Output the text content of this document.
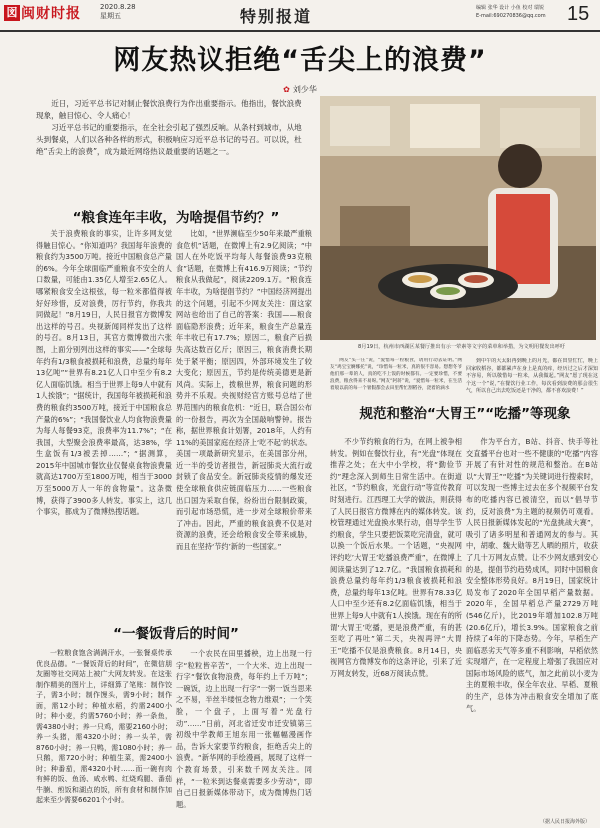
図 闽财时报	2020.8.28
星期五	特别报道	编辑 张华 设计 小鱼 校对 瑞锐
E-mail:690270836@qq.com	15
网友热议拒绝“舌尖上的浪费”
✿ 刘少华
近日，习近平总书记对制止餐饮浪费行为作出重要指示。他指出，餐饮浪费现象，触目惊心、令人痛心！
习近平总书记的重要指示，在全社会引起了强烈反响。从条村到城市，从地头到餐桌，人们以各种各样的形式，积极响应习近平总书记的号召。可以说，杜绝“舌尖上的浪费”，成为最近网络热议最重要的话题之一。
8月19日，杭州市西湖区某餐厅推出有示一荤素等文字的菜单和举措，为文明用餐发出呼吁
“粮食连年丰收，为啥提倡节约？”
“一餐饭背后的时间”
规范和整治“大胃王”“吃播”等现象

关于浪费粮食的事实，让许多网友觉得触目惊心。“你知道吗？我国每年浪费的粮食约为3500万吨。接近中国粮食总产量的6%。今年全球面临严重粮食不安全的人口数量，可能由1.35亿人增至2.65亿人。哪紧粮食安全这根弦，每一粒米都值得被好好珍惜，反对浪费，厉行节约，你我共同做起！”8月19日，人民日报官方微博发出这样的号召。央视新闻同样发出了这样的号召。8月13日，其官方微博微出六张图，上面分别列出这样的事实——“全球每年约有1/3粮食被损耗和浪费，总量约每年13亿吨”“世界有8.21亿人口中至少有8.2亿人面临饥饿。相当于世界上每9人中就有1人挨饿”；“据统计，我国每年被损耗和浪费的粮食约3500万吨，接近于中国粮食总产量的6%”；“我国餐饮业人均食物浪费量为每人每餐93克，浪费率为11.7%”；“在我国，大型聚会浪费率最高，达38%，学生盒饭有1/3被丢掉……”；“据测算，2015年中国城市餐饮业仅餐桌食物浪费量就高达1700万至1800万吨，相当于3000万至5000万人一年的食物量”。这条微博，获得了3900多人转发。事实上，这几个事实，都成为了微博热搜话题。

比如，“世界濒临至少50年来最严重粮食危机”话题，在微博上有2.9亿阅读；“中国人在外吃饭平均每人每餐浪费93克粮食”话题，在微博上有416.9万阅读；“节约粮食从我做起”，阅读2209.1万。“粮食连年丰收，为啥提倡节约？”中国经济网提出的这个问题，引起不少网友关注：面这家网站也给出了自己的答案：我国——粮食面临隐形浪费；近年来，粮食生产总量连年丰收已有17.7%；原因二，粮食产后损失高达数百亿斤；原因三，粮食消费长期处于紧平衡；原因四，外部环境发生了较大变化；原因五，节约是传统美德更是新风尚。实际上，拨粮世界，粮食问题的形势并不乐观。央视财经官方账号总结了世界范围内的粮食危机：“近日，联合国公布的一份报告，再次为全国敲响警钟。报告称，据世界粮食计划署，2018年，人约有11%的美国家庭在经济上‘吃不起’的状态。美国一项最新研究显示，在美国部分州，近一半的受访者报告，新冠肺炎大流行或封锁了食品安全。新冠肺炎疫情的爆发还使全球粮食供应链面临压力……一些粮食出口国为采取自保，纷纷出台限制政策，而引起市场恐慌，进一步对全球粮价带来了冲击。因此，严重的粮食浪费不仅是对资源的浪费，还会给粮食安全带来威胁，而且在坚持‘节约’新的一些国家。”

一粒粮食饱含满满汗水，一张餐桌传承优良品德。“一餐饭背后的时间”，在微信朋友圈等社交网站上被广大网友转发。在这张制作精美的图片上，详细算了笔账：制作饺子，需3小时；制作馒头，需9小时；制作面，需12小时；种植水稻，约需2400小时；种小麦，约需5760小时；养一条鱼，需4380小时；养一只鸡，需要2160小时；养一头猪，需4320小时；养一头羊，需8760小时；养一只鸭，需1080小时；养一只鹅，需720小时；种植生菜，需2400小时；种番茄，需4320小时……而一碗有肉有鲜的饭、鱼汤、咸水鸭、红烧鸡腿、番茄牛腩、煎饭和湖点的饭，所有食材和制作加起来至少需要66201个小时。

一个农民在田里播秧，边上出现一行字“粒粒皆辛苦”，一个大米、边上出现一行字“餐饮食物浪费，每年约上千万吨”；一碗饭，边上出现一行字“一粥一饭当思来之不易，半丝半缕恒念物力维艰”；一个笑脸，一个盘子，上面写着“光盘行动”……”日前，河北省迁安市迁安镇第三初级中学教师王旭东用一张幅幅漫画作品，告诉大家要节约粮食，拒绝舌尖上的浪费。“新华网的手绘漫画，展现了这样一个教育场景，引来数千网友关注。同样，“一粒米到达餐桌需要多少劳动”，即自己日报新媒体带动下，成为微博热门话题。

网友“头一庄”说，“爱惜每一粒粮食，请用行动去证明。”网友“鸡宝宝婀娜托”说，“珍惜每一粒米，真的很不容易。想想冬爷他们那一辈的人，真的吃不上饭的时候都有。一定要珍惜，不要浪费，粮食得来不易呀。”网友“阿蒋”说，“爱惜每一粒米，在生活着般以前的每一个暑假都会去田里帮忙割稻谷，浇着的滴水

到中午的大太阳再到晚上的月光，都在田里忙忙，晚上回家收稻谷，都都累声在身上是真的痒，经历过之后才深知不容易，所以敬惜每一粒米，从我做起。”网友“愿了现在这个这一个“说，”在餐饮行业工作，每次看到浪费的那会很生气，所以自己出去吃饭还是干净的，都不喜欢浪费！”

不少节约粮食的行为，在网上被争相转发。例如在餐饮行业，有“光盘”体现在推荐之处；在大中小学校，将“勤俭节约”理念深入到师生日常生活中。在街道社区，“节约粮食，光盘行动”等宣传教育时刻进行。江西理工大学的做法，则获得了人民日报官方微博在内的媒体转发。该校管理通过光盘换水果行动，倡导学生节约粮食，学生只要把饭菜吃完清盘，就可以换一个饭后水果。一个话题，“央视网评约吃’大胃王’吃播浪费严重”，在微博上阅读量达到了12.7亿。“我国粮食损耗和浪费总量约每年约1/3粮食被损耗和浪费，总量约每年13亿吨。世界有78.33亿人口中至少还有8.2亿面临饥饿，相当于世界上每9人中就有1人挨饿。现在有的所谓‘大胃王’吃播，更是浪费严重，有的甚至吃了再吐”第二天，央视再评“大胃王”吃播不仅是浪费粮食。8月14日，央视网官方微博发布的这条评论，引来了近万网友转发，近68万阅读点赞。

作为平台方，B站、抖音、快手等社交直播平台也对一些不健康的“吃播”内容开展了有针对性的规范和整治。在B站以“大胃王”“吃播”为关键词进行搜索时，可以发现一些博主过去在多个视频平台发布的吃播内容已被清空，而以“倡导节约，反对浪费”为主题的视频仍可观看。人民日报新媒体发起的“光盘挑战大赛”，吸引了诸多明星和普通网友的参与。其中，胡歌、魏大勋等艺人晒的照片，收获了几十万网友点赞。让不少网友感到安心的是，提倡节约趋势成风，同时中国粮食安全整体形势良好。8月19日，国家统计局发布了2020年全国早稻产量数据。2020年，全国早稻总产量2729万吨(546亿斤)，比2019年增加102.8万吨(20.6亿斤)，增长3.9%。国家粮食之前持续了4年的下降态势。今年，早稻生产面临恶劣天气等多重不利影响，早稻依然实现增产，在一定程度上增强了我国应对国际市场风险的底气，加之此前以小麦为主的夏粮丰收，保全年农业、早稻、夏粮的生产，总体为冲击粮食安全增加了底气。

（据人民日报海外版）
